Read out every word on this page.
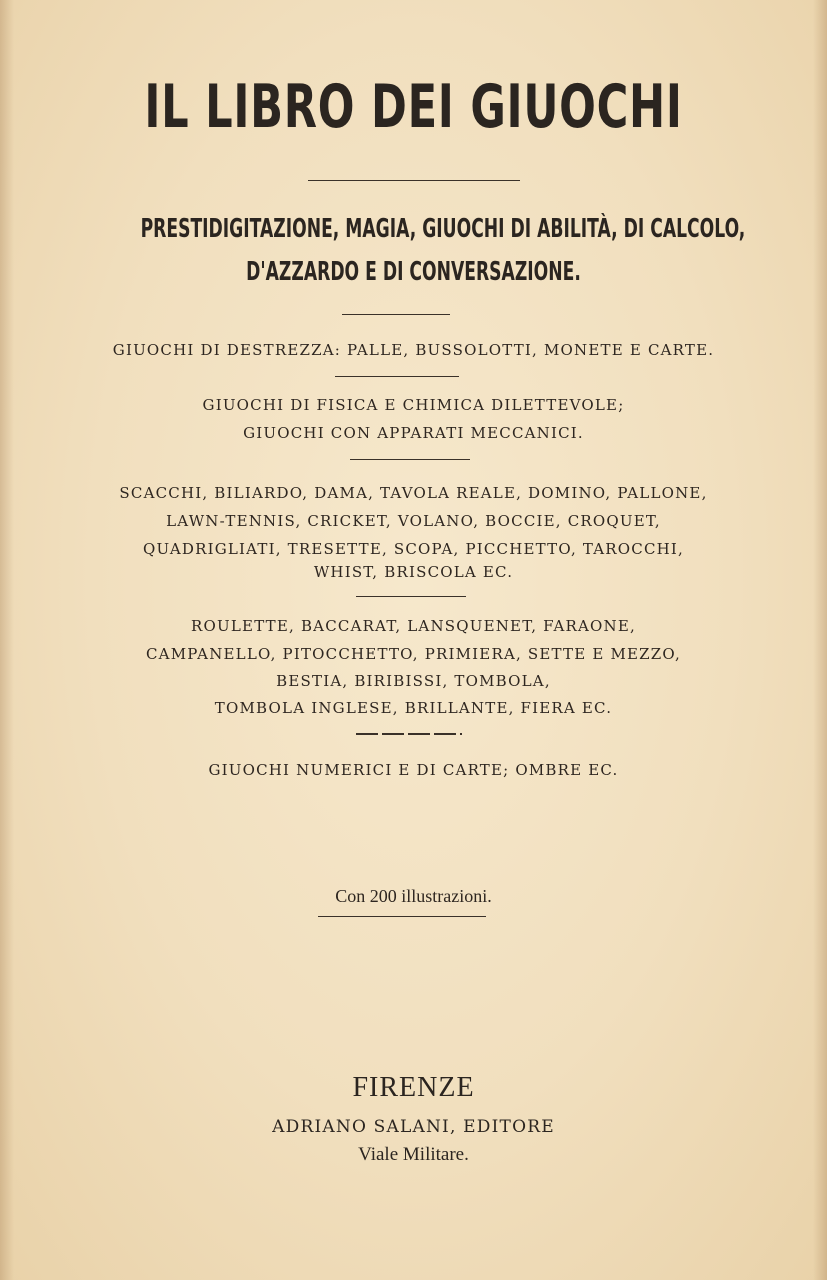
IL LIBRO DEI GIUOCHI

PRESTIDIGITAZIONE, MAGIA, GIUOCHI DI ABILITÀ, DI CALCOLO,

D'AZZARDO E DI CONVERSAZIONE.

GIUOCHI DI DESTREZZA: PALLE, BUSSOLOTTI, MONETE E CARTE.

GIUOCHI DI FISICA E CHIMICA DILETTEVOLE;

GIUOCHI CON APPARATI MECCANICI.

SCACCHI, BILIARDO, DAMA, TAVOLA REALE, DOMINO, PALLONE,

LAWN-TENNIS, CRICKET, VOLANO, BOCCIE, CROQUET,

QUADRIGLIATI, TRESETTE, SCOPA, PICCHETTO, TAROCCHI,

WHIST, BRISCOLA EC.

ROULETTE, BACCARAT, LANSQUENET, FARAONE,

CAMPANELLO, PITOCCHETTO, PRIMIERA, SETTE E MEZZO,

BESTIA, BIRIBISSI, TOMBOLA,

TOMBOLA INGLESE, BRILLANTE, FIERA EC.

GIUOCHI NUMERICI E DI CARTE; OMBRE EC.

Con 200 illustrazioni.

FIRENZE

ADRIANO SALANI, EDITORE

Viale Militare.
